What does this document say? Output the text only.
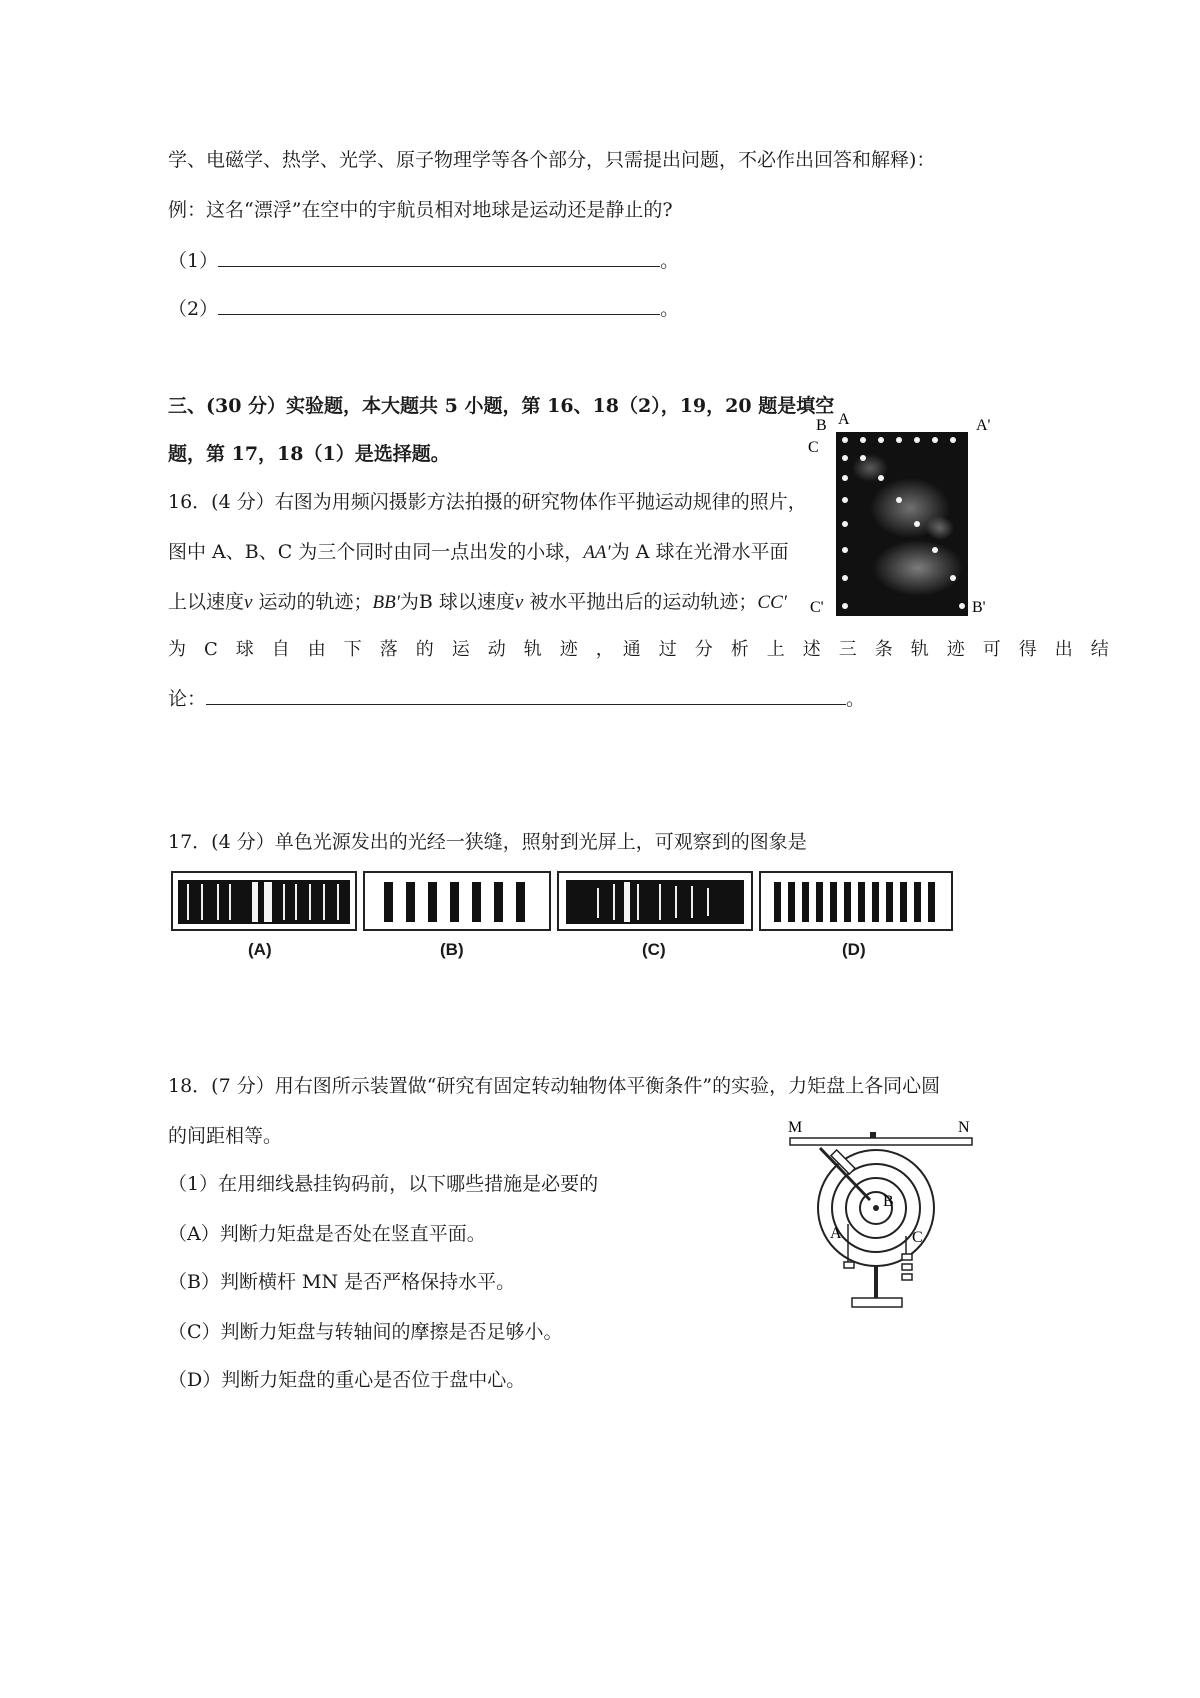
学、电磁学、热学、光学、原子物理学等各个部分，只需提出问题，不必作出回答和解释)：
例：这名“漂浮”在空中的宇航员相对地球是运动还是静止的?
（1）	。
（2）	。
三、(30 分）实验题，本大题共 5 小题，第 16、18（2），19，20 题是填空
题，第 17，18（1）是选择题。
16．(4 分）右图为用频闪摄影方法拍摄的研究物体作平抛运动规律的照片，
图中 A、B、C 为三个同时由同一点出发的小球，AA′为 A 球在光滑水平面
上以速度v 运动的轨迹；BB′为B 球以速度v 被水平抛出后的运动轨迹；CC′
为　C　球　自　由　下　落　的　运　动　轨　迹　，　通　过　分　析　上　述　三　条　轨　迹　可　得　出　结
论：	。
B A	A'
C
C'	B'
17．(4 分）单色光源发出的光经一狭缝，照射到光屏上，可观察到的图象是
(A)	(B)	(C)	(D)
18．(7 分）用右图所示装置做“研究有固定转动轴物体平衡条件”的实验，力矩盘上各同心圆
的间距相等。
（1）在用细线悬挂钩码前，以下哪些措施是必要的
（A）判断力矩盘是否处在竖直平面。
（B）判断横杆 MN 是否严格保持水平。
（C）判断力矩盘与转轴间的摩擦是否足够小。
（D）判断力矩盘的重心是否位于盘中心。
M	N
B
A	C
